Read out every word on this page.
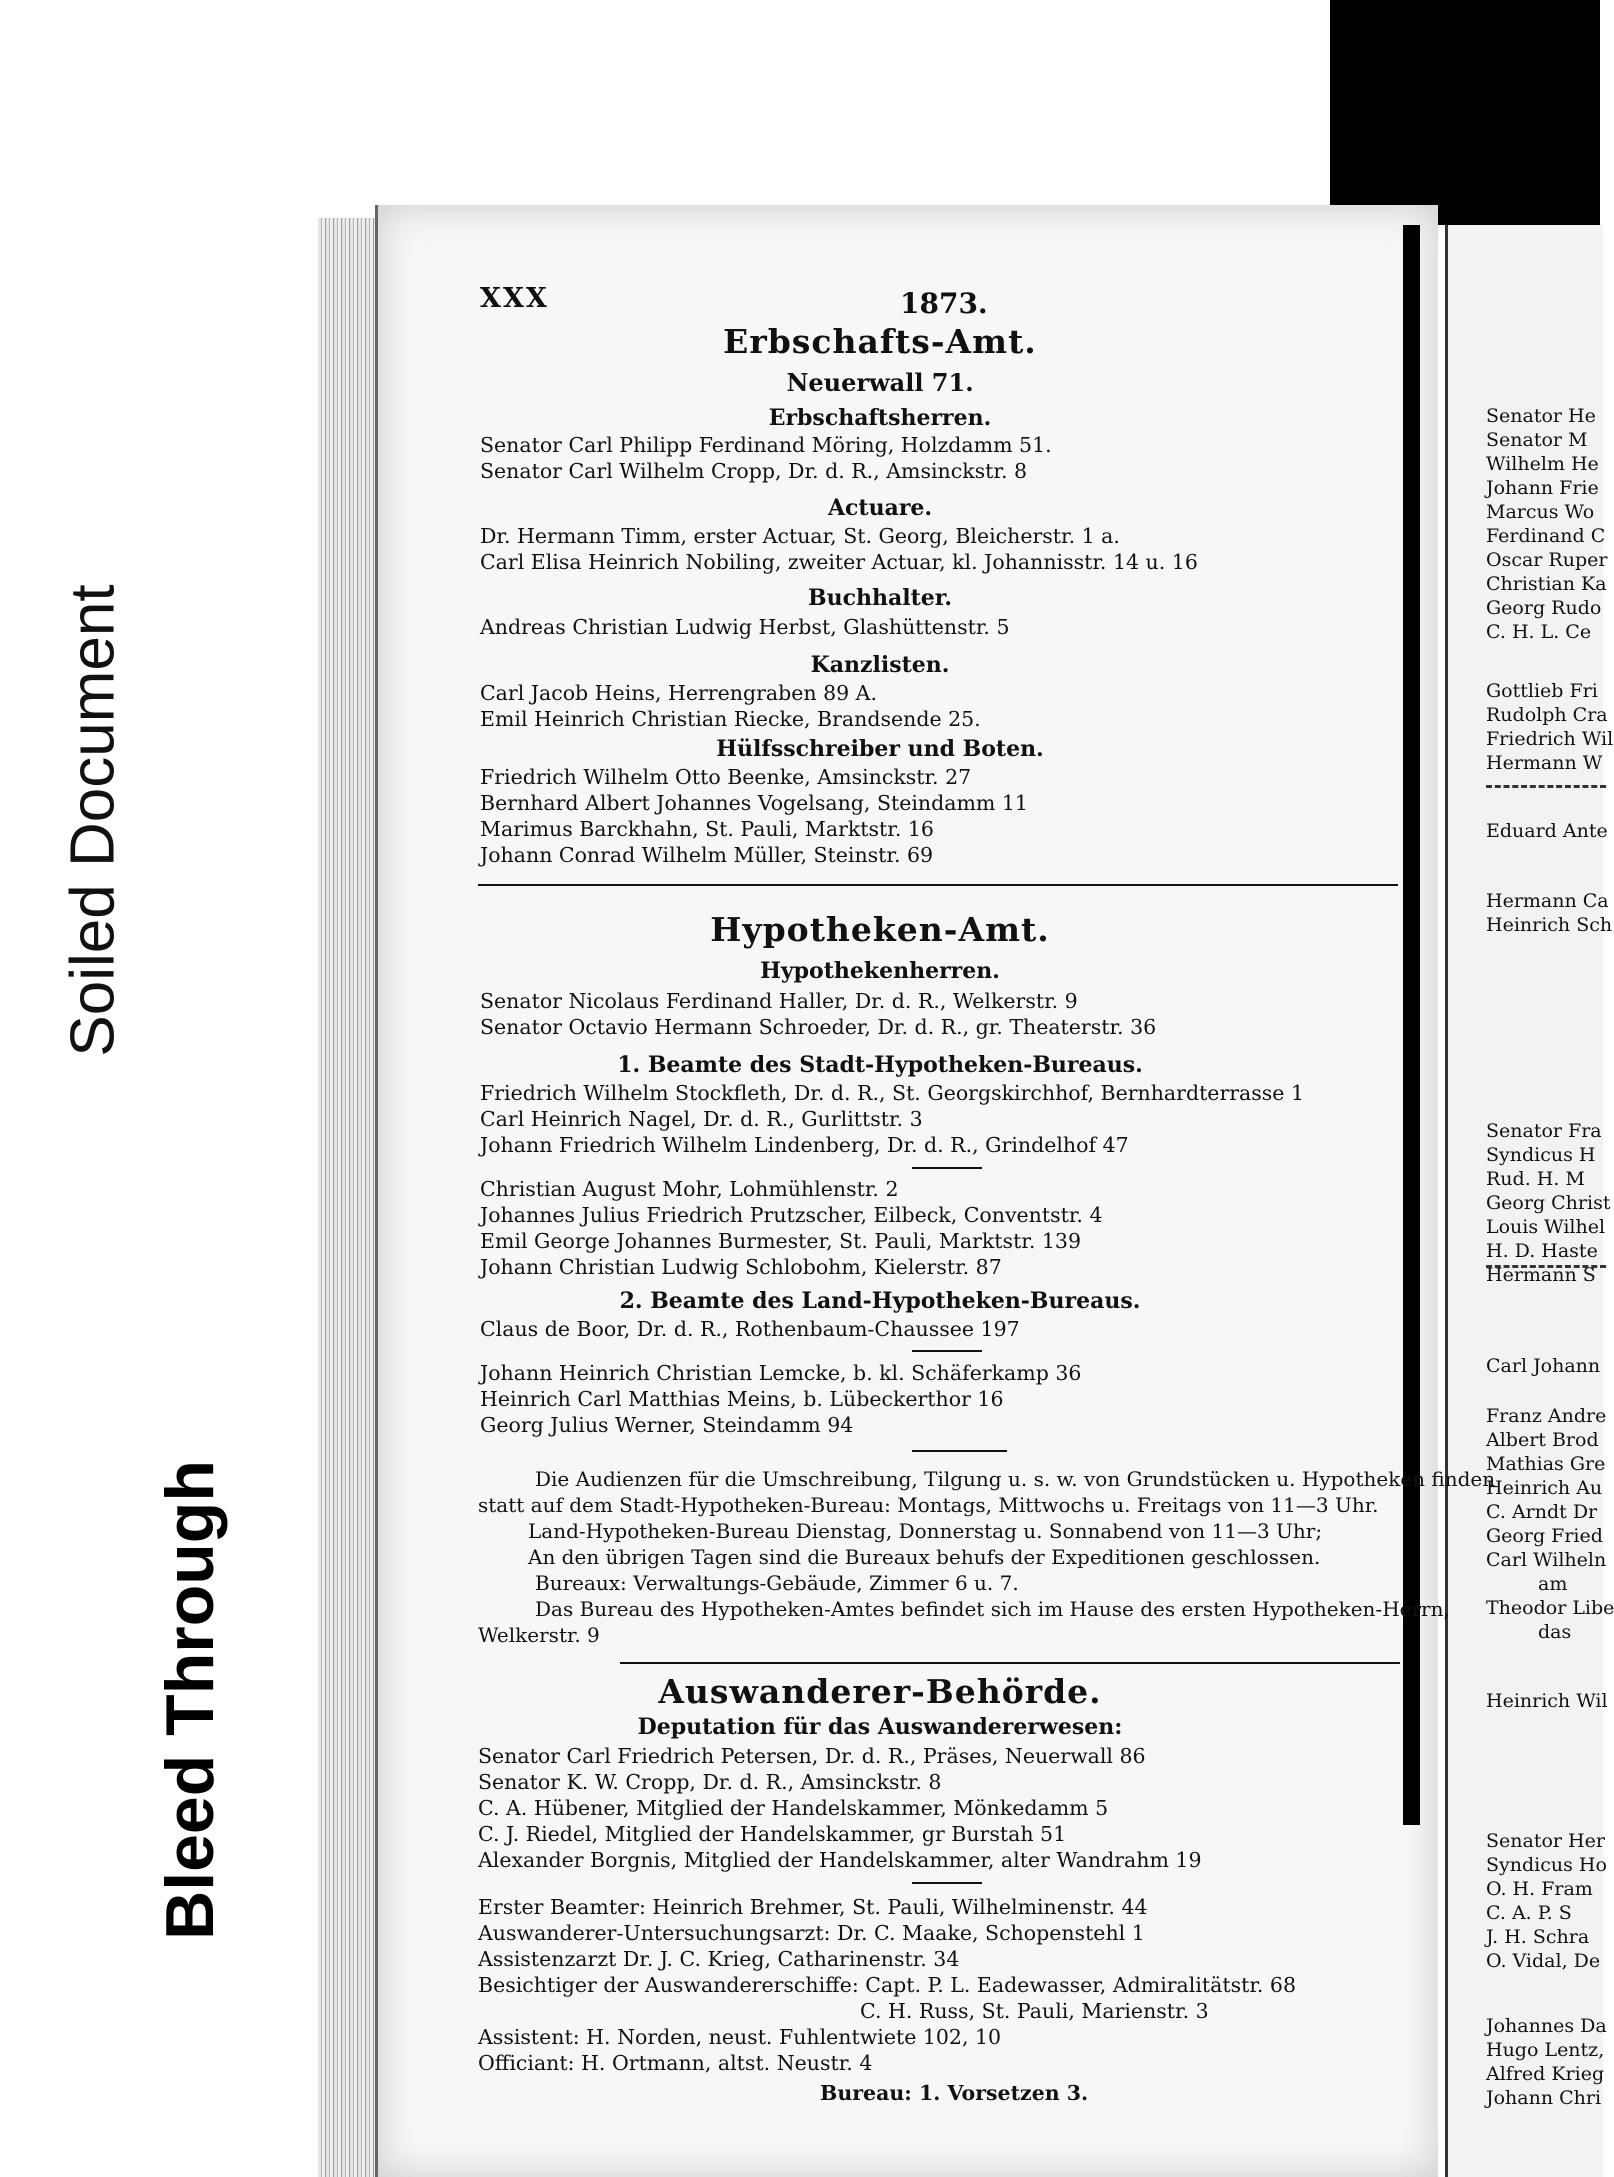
Soiled Document
Bleed Through
Senator He
Senator M
Wilhelm He
Johann Frie
Marcus Wo
Ferdinand C
Oscar Ruper
Christian Ka
Georg Rudo
C. H. L. Ce
Gottlieb Fri
Rudolph Cra
Friedrich Wil
Hermann W
Eduard Ante
Hermann Ca
Heinrich Sch
Senator Fra
Syndicus H
Rud. H. M
Georg Christ
Louis Wilhel
H. D. Haste
Hermann S
Carl Johann
Franz Andre
Albert Brod
Mathias Gre
Heinrich Au
C. Arndt Dr
Georg Fried
Carl Wilheln
am
Theodor Libe
das
Heinrich Wil
Senator Her
Syndicus Ho
O. H. Fram
C. A. P. S
J. H. Schra
O. Vidal, De
Johannes Da
Hugo Lentz,
Alfred Krieg
Johann Chri
XXX	1873.
Erbschafts-Amt.
Neuerwall 71.
Erbschaftsherren.
Senator Carl Philipp Ferdinand Möring, Holzdamm 51.
Senator Carl Wilhelm Cropp, Dr. d. R., Amsinckstr. 8
Actuare.
Dr. Hermann Timm, erster Actuar, St. Georg, Bleicherstr. 1 a.
Carl Elisa Heinrich Nobiling, zweiter Actuar, kl. Johannisstr. 14 u. 16
Buchhalter.
Andreas Christian Ludwig Herbst, Glashüttenstr. 5
Kanzlisten.
Carl Jacob Heins, Herrengraben 89 A.
Emil Heinrich Christian Riecke, Brandsende 25.
Hülfsschreiber und Boten.
Friedrich Wilhelm Otto Beenke, Amsinckstr. 27
Bernhard Albert Johannes Vogelsang, Steindamm 11
Marimus Barckhahn, St. Pauli, Marktstr. 16
Johann Conrad Wilhelm Müller, Steinstr. 69
Hypotheken-Amt.
Hypothekenherren.
Senator Nicolaus Ferdinand Haller, Dr. d. R., Welkerstr. 9
Senator Octavio Hermann Schroeder, Dr. d. R., gr. Theaterstr. 36
1. Beamte des Stadt-Hypotheken-Bureaus.
Friedrich Wilhelm Stockfleth, Dr. d. R., St. Georgskirchhof, Bernhardterrasse 1
Carl Heinrich Nagel, Dr. d. R., Gurlittstr. 3
Johann Friedrich Wilhelm Lindenberg, Dr. d. R., Grindelhof 47
Christian August Mohr, Lohmühlenstr. 2
Johannes Julius Friedrich Prutzscher, Eilbeck, Conventstr. 4
Emil George Johannes Burmester, St. Pauli, Marktstr. 139
Johann Christian Ludwig Schlobohm, Kielerstr. 87
2. Beamte des Land-Hypotheken-Bureaus.
Claus de Boor, Dr. d. R., Rothenbaum-Chaussee 197
Johann Heinrich Christian Lemcke, b. kl. Schäferkamp 36
Heinrich Carl Matthias Meins, b. Lübeckerthor 16
Georg Julius Werner, Steindamm 94
Die Audienzen für die Umschreibung, Tilgung u. s. w. von Grundstücken u. Hypotheken finden
statt auf dem Stadt-Hypotheken-Bureau: Montags, Mittwochs u. Freitags von 11—3 Uhr.
Land-Hypotheken-Bureau Dienstag, Donnerstag u. Sonnabend von 11—3 Uhr;
An den übrigen Tagen sind die Bureaux behufs der Expeditionen geschlossen.
Bureaux: Verwaltungs-Gebäude, Zimmer 6 u. 7.
Das Bureau des Hypotheken-Amtes befindet sich im Hause des ersten Hypotheken-Herrn,
Welkerstr. 9
Auswanderer-Behörde.
Deputation für das Auswandererwesen:
Senator Carl Friedrich Petersen, Dr. d. R., Präses, Neuerwall 86
Senator K. W. Cropp, Dr. d. R., Amsinckstr. 8
C. A. Hübener, Mitglied der Handelskammer, Mönkedamm 5
C. J. Riedel, Mitglied der Handelskammer, gr Burstah 51
Alexander Borgnis, Mitglied der Handelskammer, alter Wandrahm 19
Erster Beamter: Heinrich Brehmer, St. Pauli, Wilhelminenstr. 44
Auswanderer-Untersuchungsarzt: Dr. C. Maake, Schopenstehl 1
Assistenzarzt Dr. J. C. Krieg, Catharinenstr. 34
Besichtiger der Auswandererschiffe: Capt. P. L. Eadewasser, Admiralitätstr. 68
C. H. Russ, St. Pauli, Marienstr. 3
Assistent: H. Norden, neust. Fuhlentwiete 102, 10
Officiant: H. Ortmann, altst. Neustr. 4
Bureau: 1. Vorsetzen 3.
